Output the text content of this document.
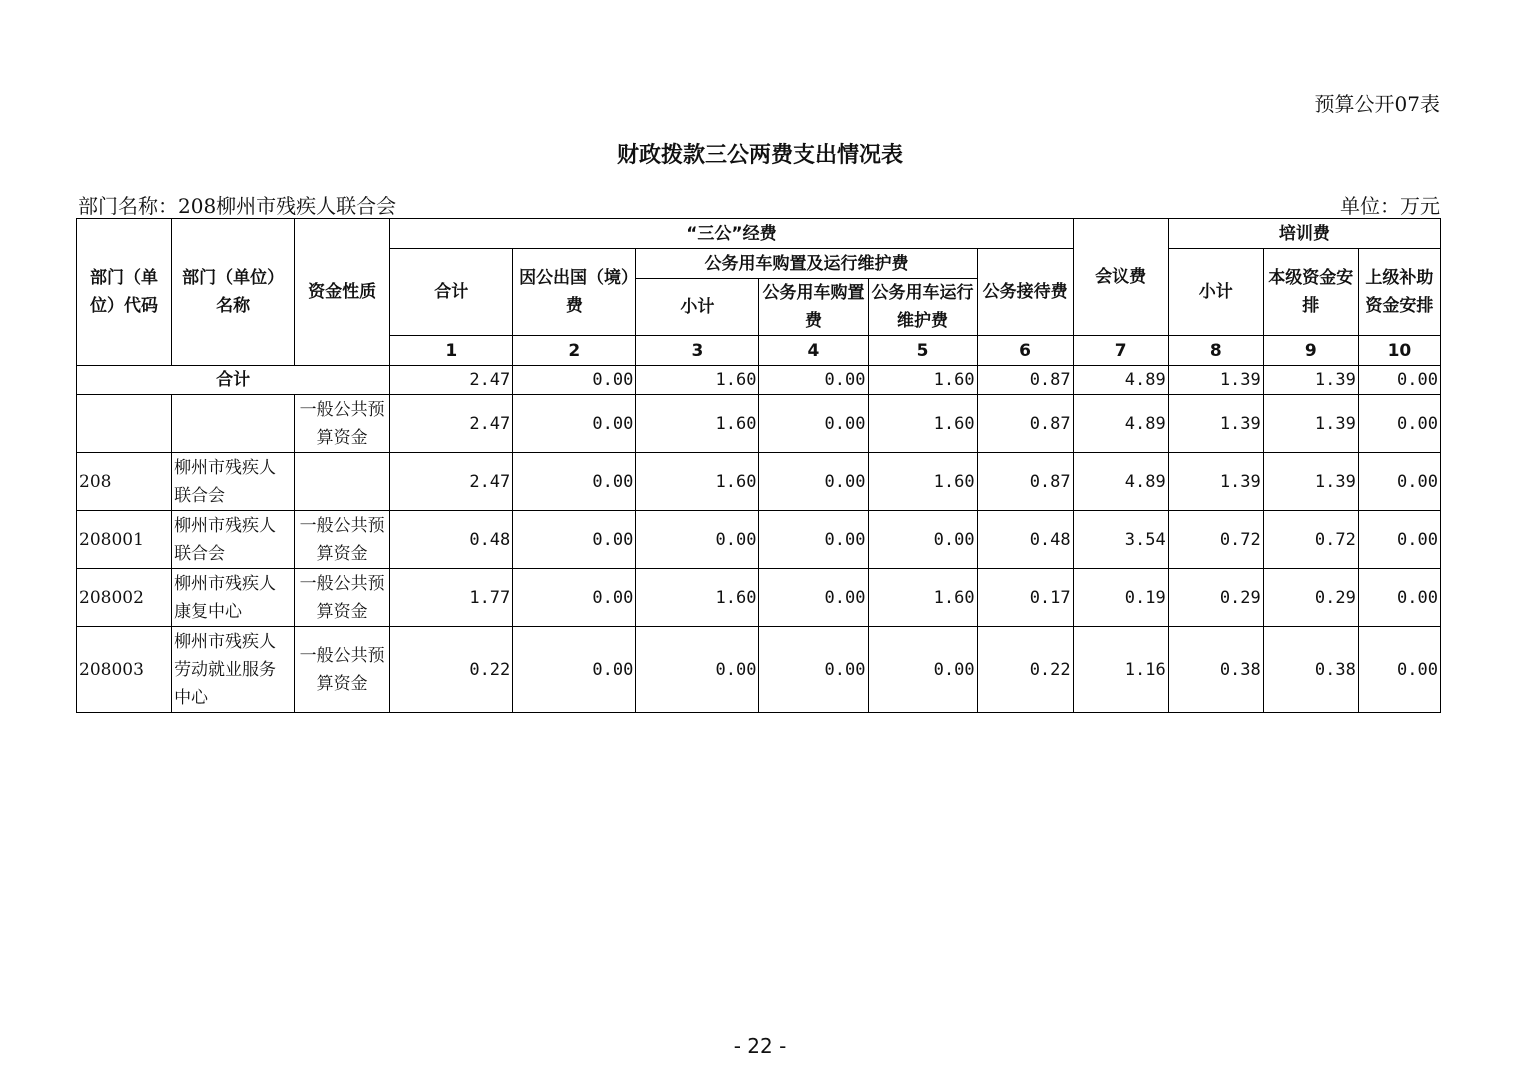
预算公开07表
财政拨款三公两费支出情况表
部门名称：208柳州市残疾人联合会	单位：万元
部门（单位）代码	部门（单位）名称	资金性质	“三公”经费						会议费	培训费		
			合计	因公出国（境）费	公务用车购置及运行维护费			公务接待费		小计	本级资金安排	上级补助资金安排
					小计	公务用车购置费	公务用车运行维护费					

			1	2	3	4	5	6	7	8	9	10
合计			2.47	0.00	1.60	0.00	1.60	0.87	4.89	1.39	1.39	0.00
		一般公共预算资金	2.47	0.00	1.60	0.00	1.60	0.87	4.89	1.39	1.39	0.00
208	柳州市残疾人联合会		2.47	0.00	1.60	0.00	1.60	0.87	4.89	1.39	1.39	0.00
208001	柳州市残疾人联合会	一般公共预算资金	0.48	0.00	0.00	0.00	0.00	0.48	3.54	0.72	0.72	0.00
208002	柳州市残疾人康复中心	一般公共预算资金	1.77	0.00	1.60	0.00	1.60	0.17	0.19	0.29	0.29	0.00
208003	柳州市残疾人劳动就业服务中心	一般公共预算资金	0.22	0.00	0.00	0.00	0.00	0.22	1.16	0.38	0.38	0.00
- 22 -
